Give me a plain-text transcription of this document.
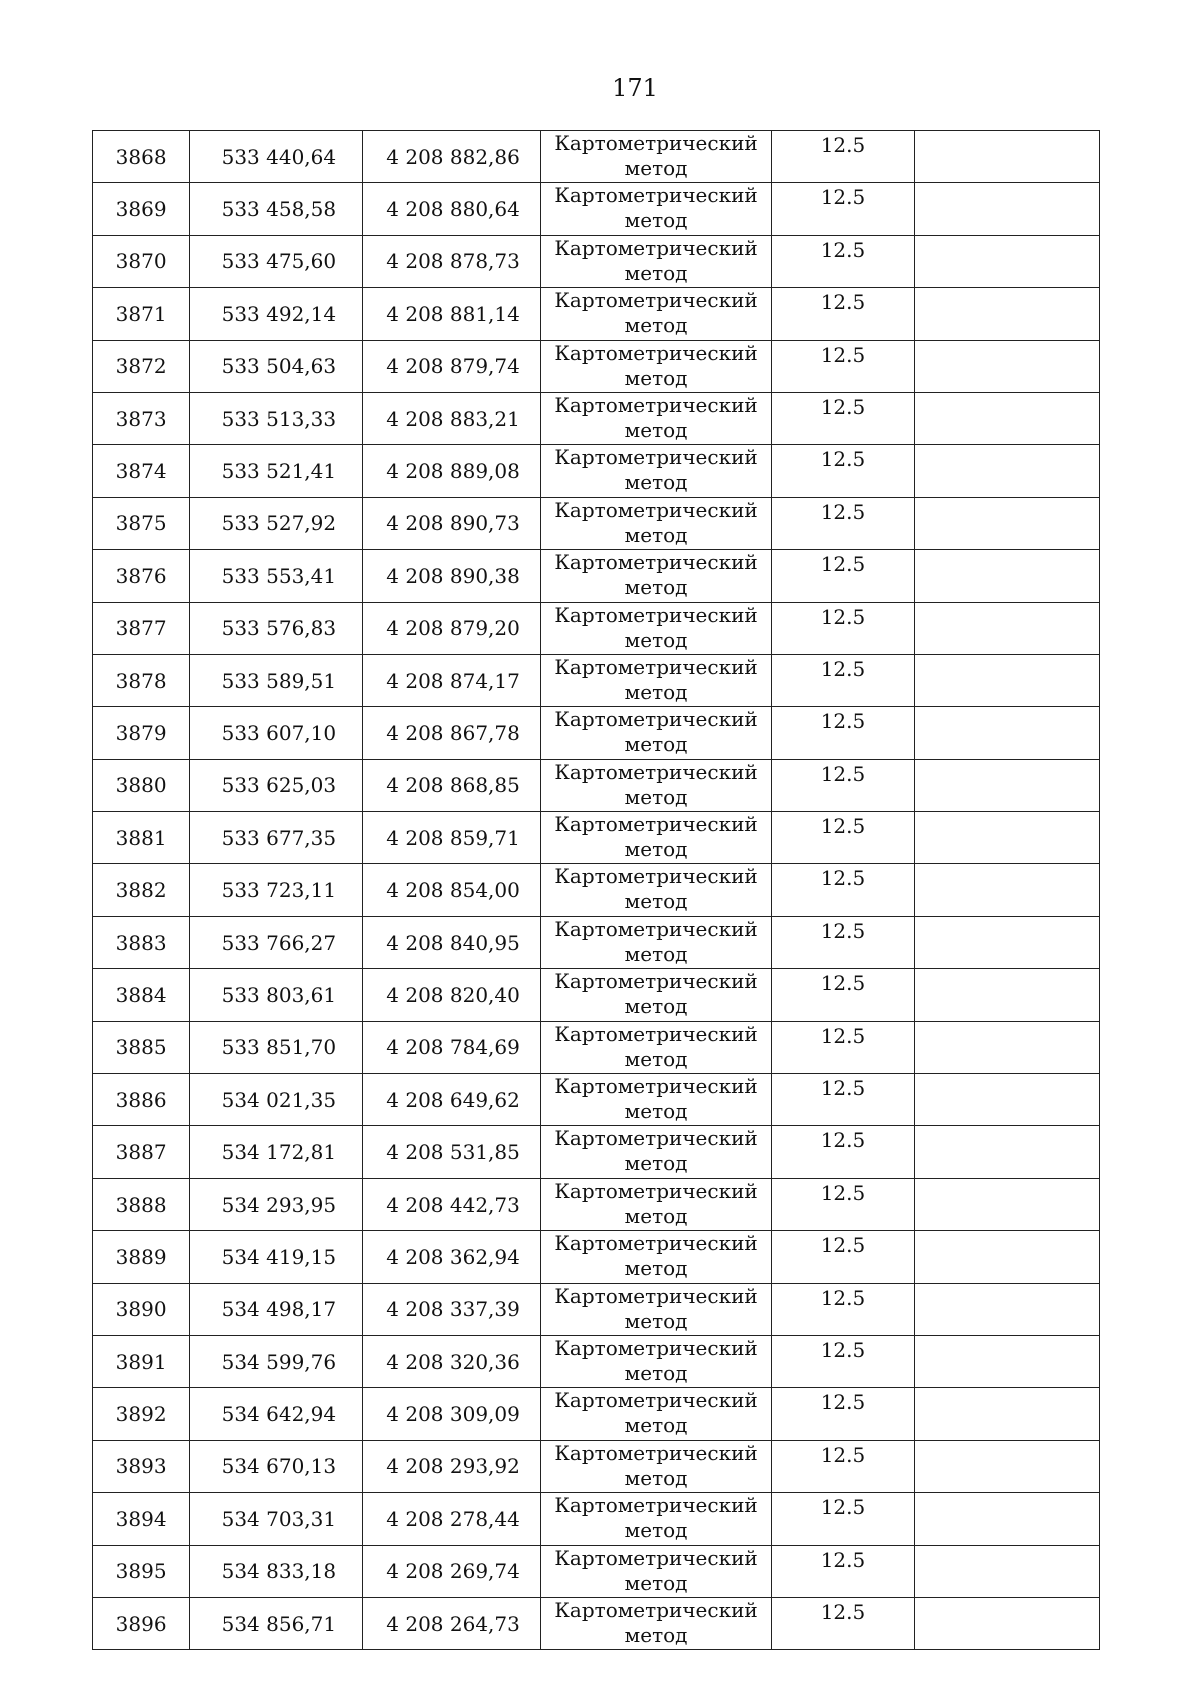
171
3868	533 440,64	4 208 882,86	Картометрический
метод	12.5	
3869	533 458,58	4 208 880,64	Картометрический
метод	12.5	
3870	533 475,60	4 208 878,73	Картометрический
метод	12.5	
3871	533 492,14	4 208 881,14	Картометрический
метод	12.5	
3872	533 504,63	4 208 879,74	Картометрический
метод	12.5	
3873	533 513,33	4 208 883,21	Картометрический
метод	12.5	
3874	533 521,41	4 208 889,08	Картометрический
метод	12.5	
3875	533 527,92	4 208 890,73	Картометрический
метод	12.5	
3876	533 553,41	4 208 890,38	Картометрический
метод	12.5	
3877	533 576,83	4 208 879,20	Картометрический
метод	12.5	
3878	533 589,51	4 208 874,17	Картометрический
метод	12.5	
3879	533 607,10	4 208 867,78	Картометрический
метод	12.5	
3880	533 625,03	4 208 868,85	Картометрический
метод	12.5	
3881	533 677,35	4 208 859,71	Картометрический
метод	12.5	
3882	533 723,11	4 208 854,00	Картометрический
метод	12.5	
3883	533 766,27	4 208 840,95	Картометрический
метод	12.5	
3884	533 803,61	4 208 820,40	Картометрический
метод	12.5	
3885	533 851,70	4 208 784,69	Картометрический
метод	12.5	
3886	534 021,35	4 208 649,62	Картометрический
метод	12.5	
3887	534 172,81	4 208 531,85	Картометрический
метод	12.5	
3888	534 293,95	4 208 442,73	Картометрический
метод	12.5	
3889	534 419,15	4 208 362,94	Картометрический
метод	12.5	
3890	534 498,17	4 208 337,39	Картометрический
метод	12.5	
3891	534 599,76	4 208 320,36	Картометрический
метод	12.5	
3892	534 642,94	4 208 309,09	Картометрический
метод	12.5	
3893	534 670,13	4 208 293,92	Картометрический
метод	12.5	
3894	534 703,31	4 208 278,44	Картометрический
метод	12.5	
3895	534 833,18	4 208 269,74	Картометрический
метод	12.5	
3896	534 856,71	4 208 264,73	Картометрический
метод	12.5	
